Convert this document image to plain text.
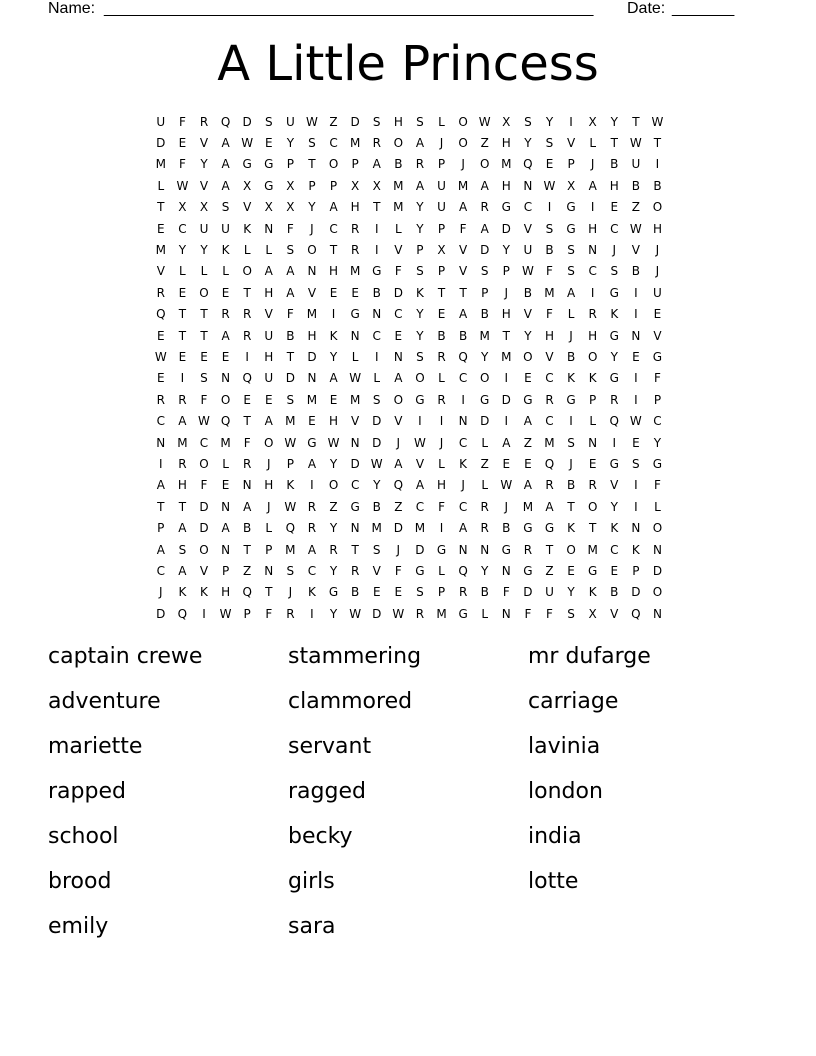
Name: _______________________________________________________ Date: _______
A Little Princess
U	F	R	Q	D	S	U W Z	D	S	H	S	L	O W X	S	Y	I	X	Y	T W
D	E	V	A W E	Y	S	C	M	R	O	A	J	O	Z	H	Y	S	V	L	T W T
M	F	Y	A	G	G	P	T	O	P	A	B	R	P	J	O M Q	E	P	J	B	U	I
L	W V	A	X	G	X	P	P	X	X	M	A	U	M	A	H	N W X	A	H	B	B
T	X	X	S	V	X	X	Y	A	H	T	M	Y	U	A	R	G	C	I	G	I	E	Z	O
E	C	U	U	K	N	F	J	C	R	I	L	Y	P	F	A	D	V	S	G	H	C W H
M	Y	Y	K	L	L	S	O	T	R	I	V	P	X	V	D	Y	U	B	S	N	J	V	J
V	L	L	L	O	A	A	N	H M G	F	S	P	V	S	P	W	F	S	C	S	B	J
R	E	O	E	T	H	A	V	E	E	B	D	K	T	T	P	J	B	M	A	I	G	I	U
Q	T	T	R	R	V	F	M	I	G	N	C	Y	E	A	B	H	V	F	L	R	K	I	E
E	T	T	A	R	U	B	H	K	N	C	E	Y	B	B	M	T	Y	H	J	H	G	N	V
W E	E	E	I	H	T	D	Y	L	I	N	S	R	Q	Y	M O	V	B	O	Y	E	G
E	I	S	N	Q	U	D	N	A W	L	A	O	L	C	O	I	E	C	K	K	G	I	F
R	R	F	O	E	E	S	M	E	M	S	O	G	R	I	G	D	G	R	G	P	R	I	P
C	A W Q	T	A	M	E	H	V	D	V	I	I	N	D	I	A	C	I	L	Q W C
N M	C	M	F	O W G W N	D	J	W	J	C	L	A	Z	M	S	N	I	E	Y
I	R	O	L	R	J	P	A	Y	D W A	V	L	K	Z	E	E	Q	J	E	G	S	G
A	H	F	E	N	H	K	I	O	C	Y	Q	A	H	J	L	W A	R	B	R	V	I	F
T	T	D	N	A	J	W R	Z	G	B	Z	C	F	C	R	J	M	A	T	O	Y	I	L
P	A	D	A	B	L	Q	R	Y	N M D M	I	A	R	B	G	G	K	T	K	N	O
A	S	O	N	T	P	M	A	R	T	S	J	D	G	N	N	G	R	T	O M	C	K	N
C	A	V	P	Z	N	S	C	Y	R	V	F	G	L	Q	Y	N	G	Z	E	G	E	P	D
J	K	K	H	Q	T	J	K	G	B	E	E	S	P	R	B	F	D	U	Y	K	B	D	O
D	Q	I	W	P	F	R	I	Y W D W R	M G	L	N	F	F	S	X	V	Q	N
captain crewe	stammering	mr dufarge
adventure	clammored	carriage
mariette	servant	lavinia
rapped	ragged	london
school	becky	india
brood	girls	lotte
emily	sara
